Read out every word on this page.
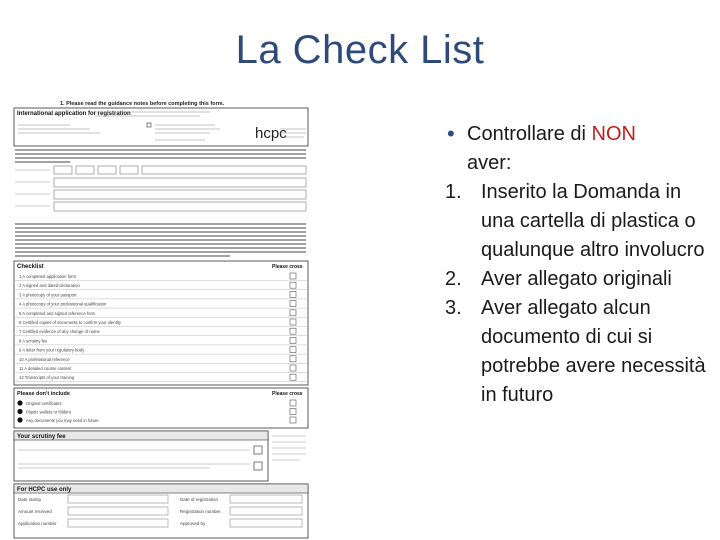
La Check List
1. Please read the guidance notes before completing this form.
International application for registration
hcpc
Checklist	Please cross
1 A completed application form
2 A signed and dated declaration
3 A photocopy of your passport
4 A photocopy of your professional qualification
5 A completed and signed reference form
6 Certified copies of documents to confirm your identity
7 Certified evidence of any change of name
8 A scrutiny fee
9 A letter from your regulatory body
10 A professional reference
11 A detailed course content
12 Transcripts of your training
Please don't include	Please cross
Original certificates
Plastic wallets or folders
Any documents you may need in future
Your scrutiny fee
For HCPC use only
Date stamp
Amount received
Application number
Date of registration
Registration number
Approved by
• Controllare di NON
aver:
1. Inserito la Domanda in una cartella di plastica o qualunque altro involucro
2. Aver allegato originali
3. Aver allegato alcun documento di cui si potrebbe avere necessità in futuro
